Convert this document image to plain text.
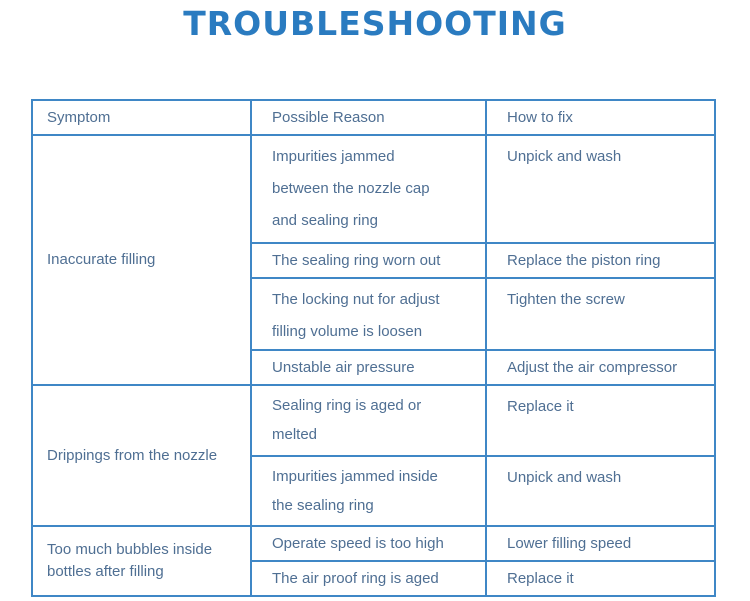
TROUBLESHOOTING
Symptom	Possible Reason	How to fix
Inaccurate filling	Impurities jammed
between the nozzle cap
and sealing ring	Unpick and wash
	The sealing ring worn out	Replace the piston ring

	The locking nut for adjust
filling volume is loosen	Tighten the screw
	Unstable air pressure	Adjust the air compressor
Drippings from the nozzle	Sealing ring is aged or
melted	Replace it

	Impurities jammed inside
the sealing ring	Unpick and wash

Too much bubbles inside
bottles after filling	Operate speed is too high	Lower filling speed
	The air proof ring is aged	Replace it
